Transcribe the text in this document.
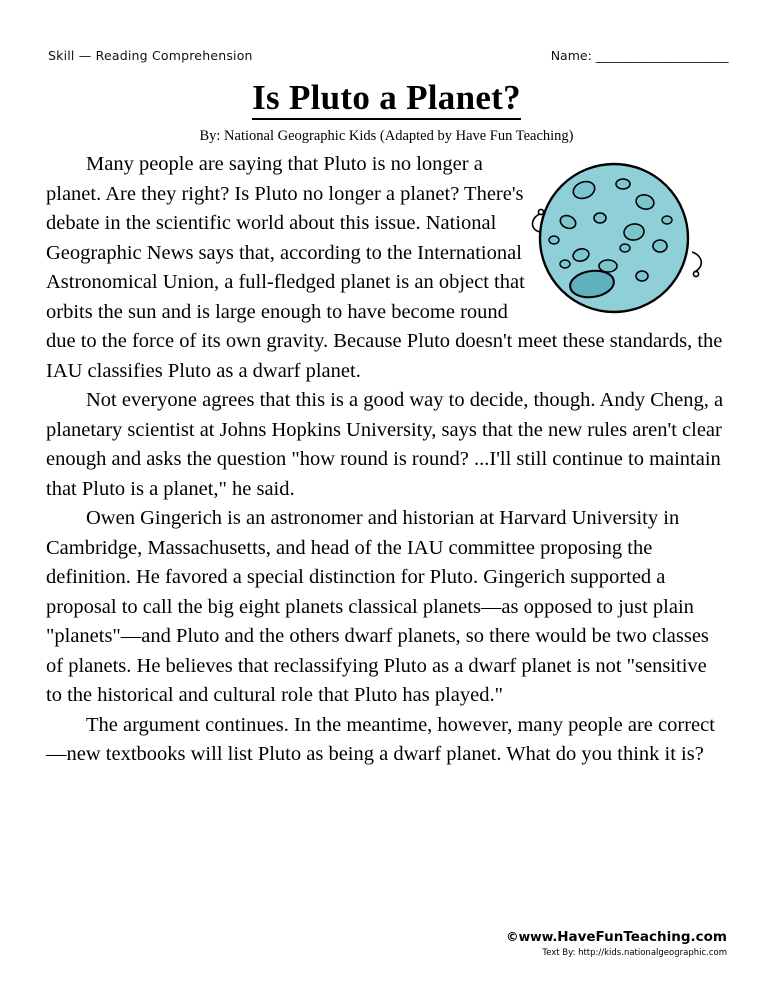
Skill — Reading Comprehension	Name: _______________________
Is Pluto a Planet?
By: National Geographic Kids (Adapted by Have Fun Teaching)

Many people are saying that Pluto is no longer a planet. Are they right? Is Pluto no longer a planet? There's debate in the scientific world about this issue. National Geographic News says that, according to the International Astronomical Union, a full-fledged planet is an object that orbits the sun and is large enough to have become round due to the force of its own gravity. Because Pluto doesn't meet these standards, the IAU classifies Pluto as a dwarf planet.

Not everyone agrees that this is a good way to decide, though. Andy Cheng, a planetary scientist at Johns Hopkins University, says that the new rules aren't clear enough and asks the question "how round is round? ...I'll still continue to maintain that Pluto is a planet," he said.

Owen Gingerich is an astronomer and historian at Harvard University in Cambridge, Massachusetts, and head of the IAU committee proposing the definition. He favored a special distinction for Pluto. Gingerich supported a proposal to call the big eight planets classical planets—as opposed to just plain "planets"—and Pluto and the others dwarf planets, so there would be two classes of planets. He believes that reclassifying Pluto as a dwarf planet is not "sensitive to the historical and cultural role that Pluto has played."

The argument continues. In the meantime, however, many people are correct—new textbooks will list Pluto as being a dwarf planet. What do you think it is?

©www.HaveFunTeaching.com
Text By: http://kids.nationalgeographic.com
